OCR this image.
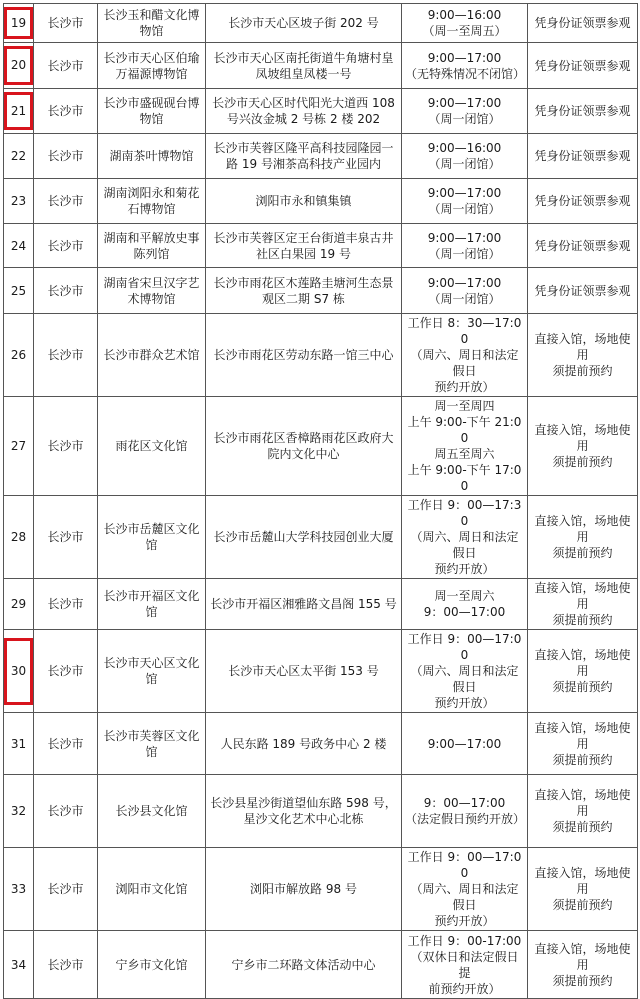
19	长沙市	长沙玉和醋文化博
物馆	长沙市天心区坡子街 202 号	9:00—16:00
（周一至周五）	凭身份证领票参观

20	长沙市	长沙市天心区伯瑜
万福源博物馆	长沙市天心区南托街道牛角塘村皇
凤坡组皇凤楼一号	9:00—17:00
（无特殊情况不闭馆）	凭身份证领票参观

21	长沙市	长沙市盛砚砚台博
物馆	长沙市天心区时代阳光大道西 108
号兴汝金城 2 号栋 2 楼 202	9:00—17:00
（周一闭馆）	凭身份证领票参观

22	长沙市	湖南茶叶博物馆	长沙市芙蓉区隆平高科技园隆园一
路 19 号湘茶高科技产业园内	9:00—16:00
（周一闭馆）	凭身份证领票参观

23	长沙市	湖南浏阳永和菊花
石博物馆	浏阳市永和镇集镇	9:00—17:00
（周一闭馆）	凭身份证领票参观

24	长沙市	湖南和平解放史事
陈列馆	长沙市芙蓉区定王台街道丰泉古井
社区白果园 19 号	9:00—17:00
（周一闭馆）	凭身份证领票参观

25	长沙市	湖南省宋旦汉字艺
术博物馆	长沙市雨花区木莲路圭塘河生态景
观区二期 S7 栋	9:00—17:00
（周一闭馆）	凭身份证领票参观

26	长沙市	长沙市群众艺术馆	长沙市雨花区劳动东路一馆三中心	工作日 8：30—17:00
（周六、周日和法定假日
预约开放）	直接入馆，场地使用
须提前预约

27	长沙市	雨花区文化馆	长沙市雨花区香樟路雨花区政府大
院内文化中心	周一至周四
上午 9:00-下午 21:00
周五至周六
上午 9:00-下午 17:00	直接入馆，场地使用
须提前预约

28	长沙市	长沙市岳麓区文化
馆	长沙市岳麓山大学科技园创业大厦	工作日 9：00—17:30
（周六、周日和法定假日
预约开放）	直接入馆，场地使用
须提前预约

29	长沙市	长沙市开福区文化
馆	长沙市开福区湘雅路文昌阁 155 号	周一至周六
9：00—17:00	直接入馆，场地使用
须提前预约

30	长沙市	长沙市天心区文化
馆	长沙市天心区太平街 153 号	工作日 9：00—17:00
（周六、周日和法定假日
预约开放）	直接入馆，场地使用
须提前预约

31	长沙市	长沙市芙蓉区文化
馆	人民东路 189 号政务中心 2 楼	9:00—17:00	直接入馆，场地使用
须提前预约

32	长沙市	长沙县文化馆	长沙县星沙街道望仙东路 598 号，
星沙文化艺术中心北栋	9：00—17:00
（法定假日预约开放）	直接入馆，场地使用
须提前预约

33	长沙市	浏阳市文化馆	浏阳市解放路 98 号	工作日 9：00—17:00
（周六、周日和法定假日
预约开放）	直接入馆，场地使用
须提前预约

34	长沙市	宁乡市文化馆	宁乡市二环路文体活动中心	工作日 9：00-17:00
（双休日和法定假日提
前预约开放）	直接入馆，场地使用
须提前预约
